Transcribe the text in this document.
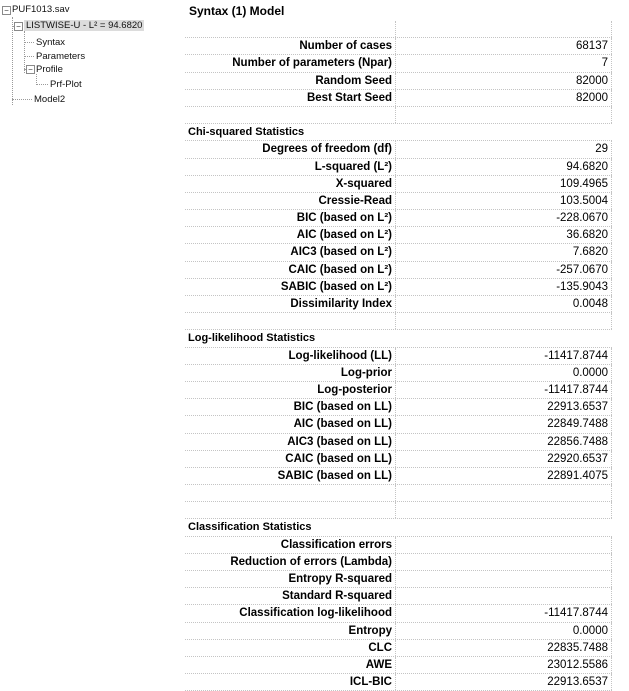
− PUF1013.sav
− LISTWISE-U - L² = 94.6820
Syntax
Parameters
− Profile
Prf-Plot
Model2
Syntax (1) Model
Number of cases	68137
Number of parameters (Npar)	7
Random Seed	82000
Best Start Seed	82000
Chi-squared Statistics
Degrees of freedom (df)	29
L-squared (L²)	94.6820
X-squared	109.4965
Cressie-Read	103.5004
BIC (based on L²)	-228.0670
AIC (based on L²)	36.6820
AIC3 (based on L²)	7.6820
CAIC (based on L²)	-257.0670
SABIC (based on L²)	-135.9043
Dissimilarity Index	0.0048
Log-likelihood Statistics
Log-likelihood (LL)	-11417.8744
Log-prior	0.0000
Log-posterior	-11417.8744
BIC (based on LL)	22913.6537
AIC (based on LL)	22849.7488
AIC3 (based on LL)	22856.7488
CAIC (based on LL)	22920.6537
SABIC (based on LL)	22891.4075
Classification Statistics
Classification errors
Reduction of errors (Lambda)
Entropy R-squared
Standard R-squared
Classification log-likelihood	-11417.8744
Entropy	0.0000
CLC	22835.7488
AWE	23012.5586
ICL-BIC	22913.6537
